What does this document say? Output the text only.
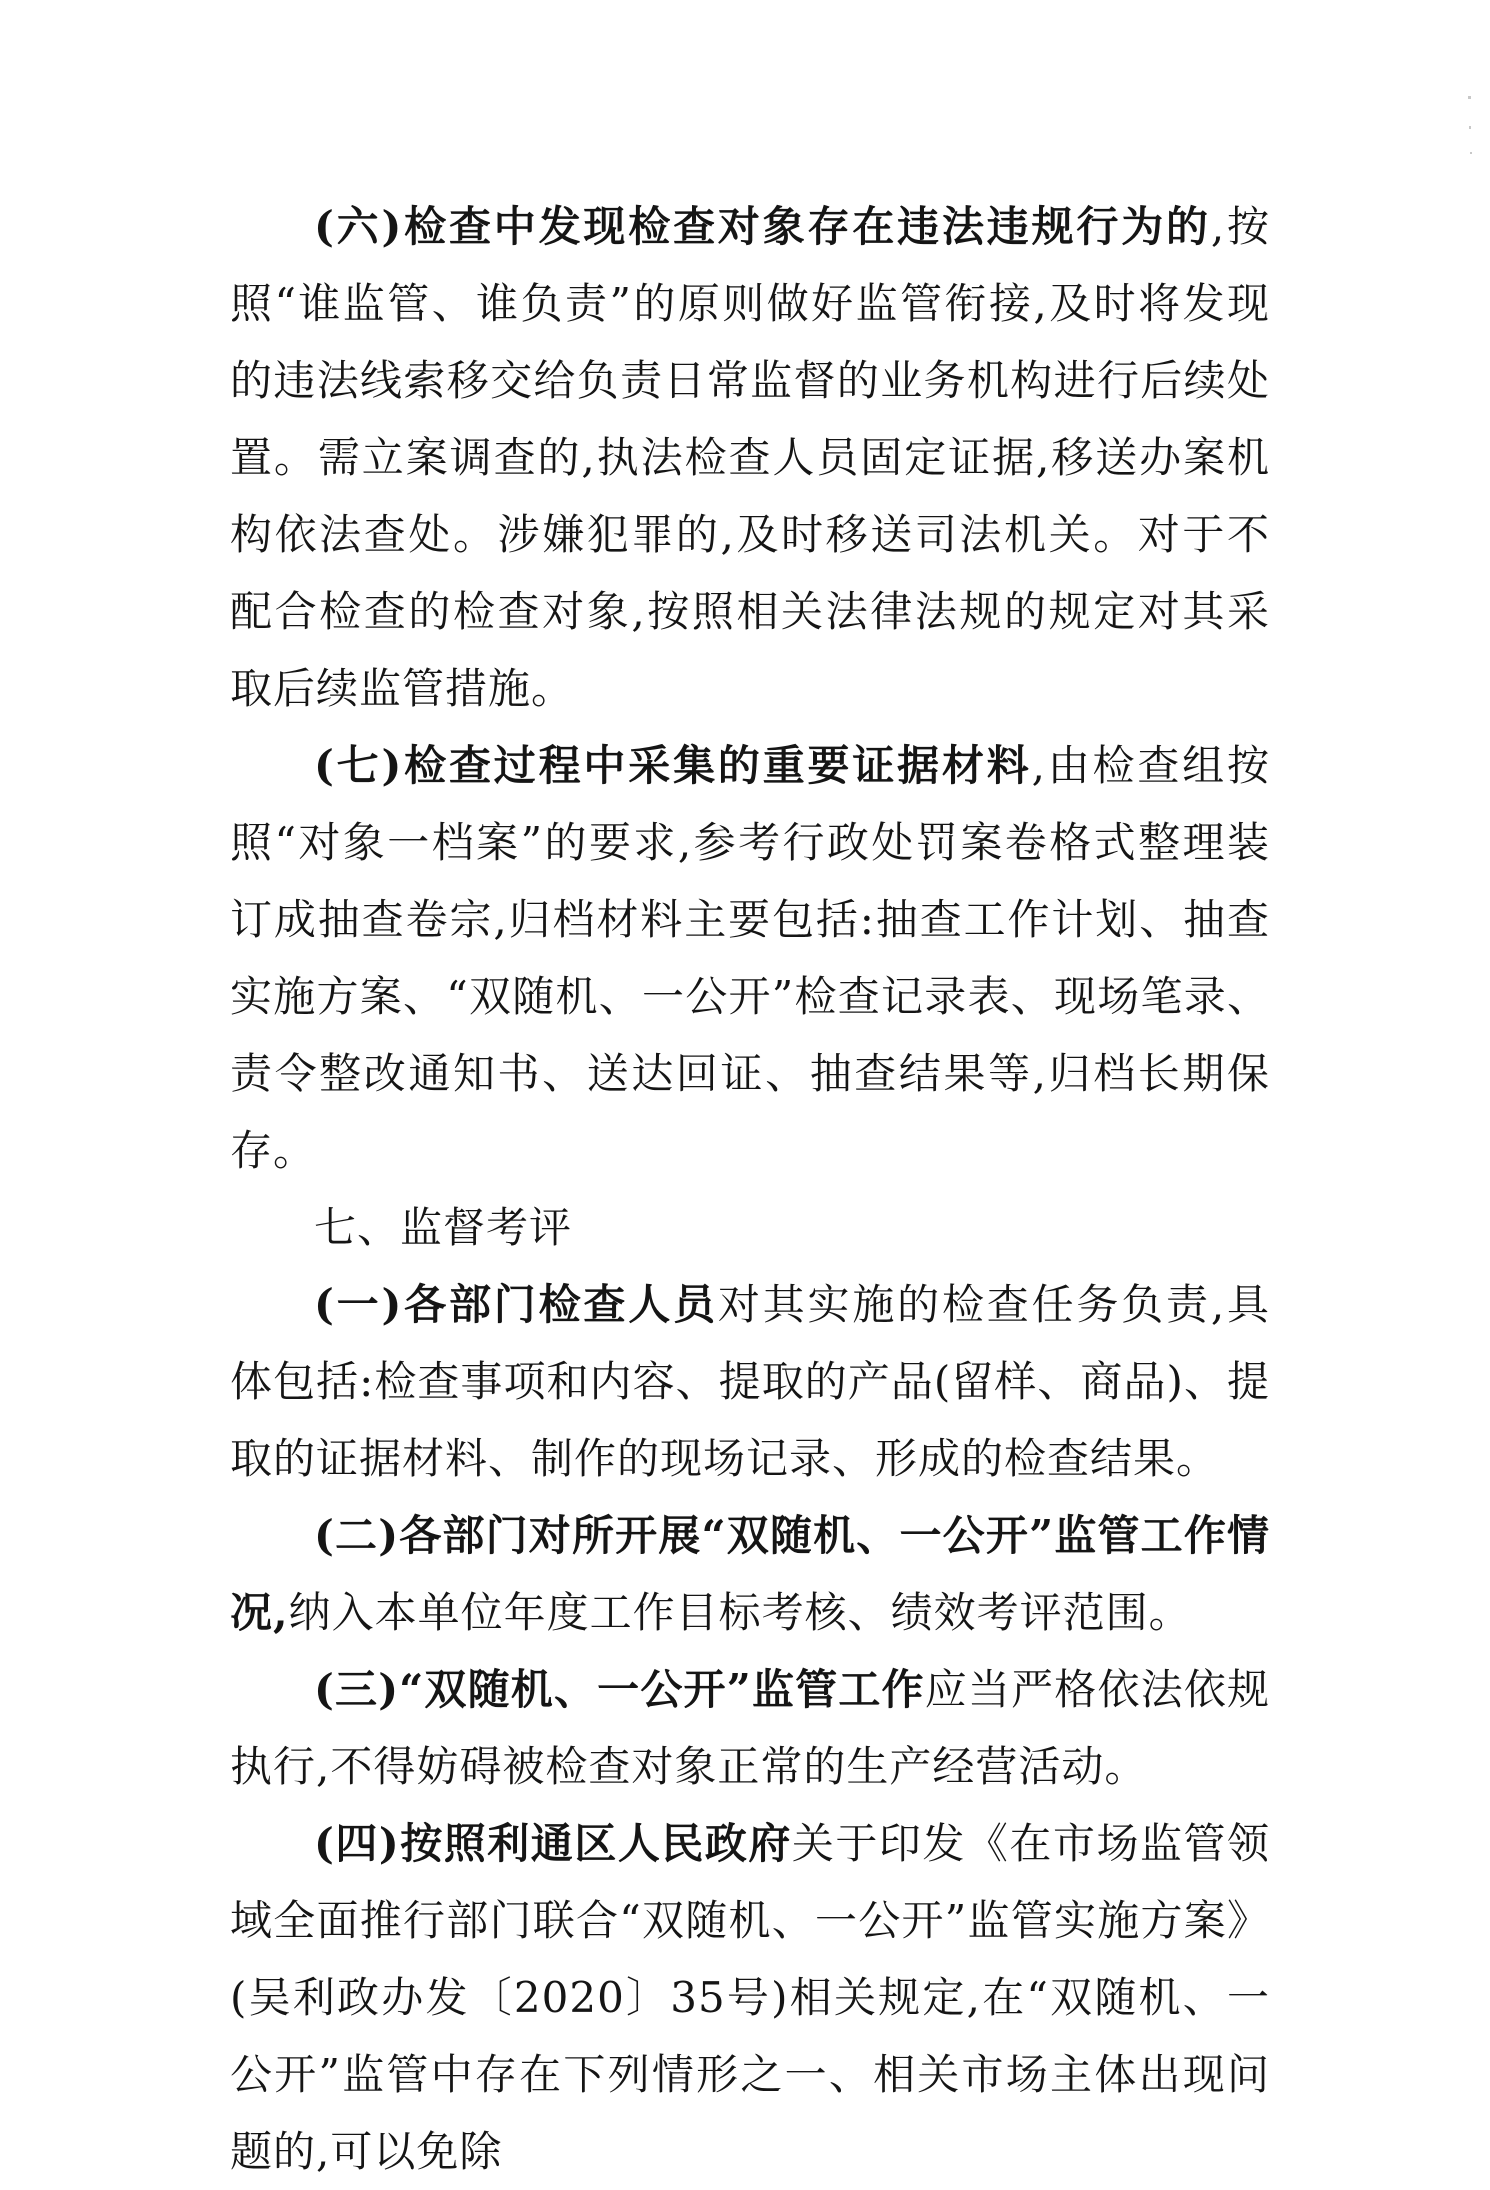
(六)检查中发现检查对象存在违法违规行为的,按照“谁监管、谁负责”的原则做好监管衔接,及时将发现的违法线索移交给负责日常监督的业务机构进行后续处置。需立案调查的,执法检查人员固定证据,移送办案机构依法查处。涉嫌犯罪的,及时移送司法机关。对于不配合检查的检查对象,按照相关法律法规的规定对其采取后续监管措施。

(七)检查过程中采集的重要证据材料,由检查组按照“对象一档案”的要求,参考行政处罚案卷格式整理装订成抽查卷宗,归档材料主要包括:抽查工作计划、抽查实施方案、“双随机、一公开”检查记录表、现场笔录、责令整改通知书、送达回证、抽查结果等,归档长期保存。

七、监督考评

(一)各部门检查人员对其实施的检查任务负责,具体包括:检查事项和内容、提取的产品(留样、商品)、提取的证据材料、制作的现场记录、形成的检查结果。

(二)各部门对所开展“双随机、一公开”监管工作情况,纳入本单位年度工作目标考核、绩效考评范围。

(三)“双随机、一公开”监管工作应当严格依法依规执行,不得妨碍被检查对象正常的生产经营活动。

(四)按照利通区人民政府关于印发《在市场监管领域全面推行部门联合“双随机、一公开”监管实施方案》(吴利政办发〔2020〕35号)相关规定,在“双随机、一公开”监管中存在下列情形之一、相关市场主体出现问题的,可以免除
